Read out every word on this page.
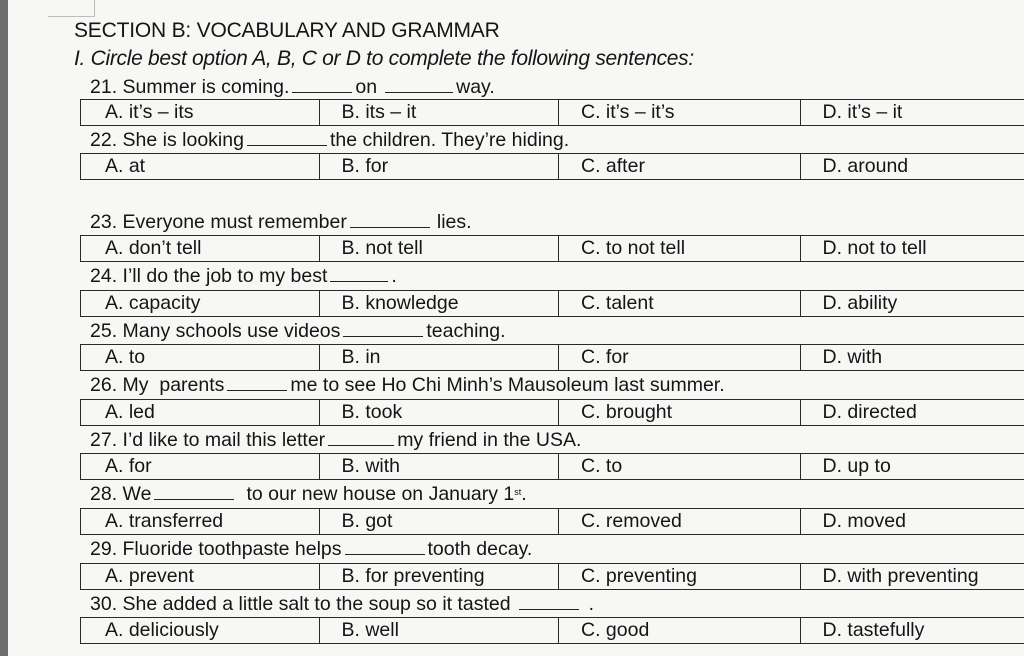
SECTION B: VOCABULARY AND GRAMMAR
I. Circle best option A, B, C or D to complete the following sentences:
21. Summer is coming.	on	way.
A. it’s – its	B. its – it	C. it’s – it’s	D. it’s – it
22. She is looking	the children. They’re hiding.
A. at	B. for	C. after	D. around
23. Everyone must remember	lies.
A. don’t tell	B. not tell	C. to not tell	D. not to tell
24. I’ll do the job to my best	.
A. capacity	B. knowledge	C. talent	D. ability
25. Many schools use videos	teaching.
A. to	B. in	C. for	D. with
26. My  parents	me to see Ho Chi Minh’s Mausoleum last summer.
A. led	B. took	C. brought	D. directed
27. I’d like to mail this letter	my friend in the USA.
A. for	B. with	C. to	D. up to
28. We	to our new house on January 1st.
A. transferred	B. got	C. removed	D. moved
29. Fluoride toothpaste helps	tooth decay.
A. prevent	B. for preventing	C. preventing	D. with preventing
30. She added a little salt to the soup so it tasted	.
A. deliciously	B. well	C. good	D. tastefully
